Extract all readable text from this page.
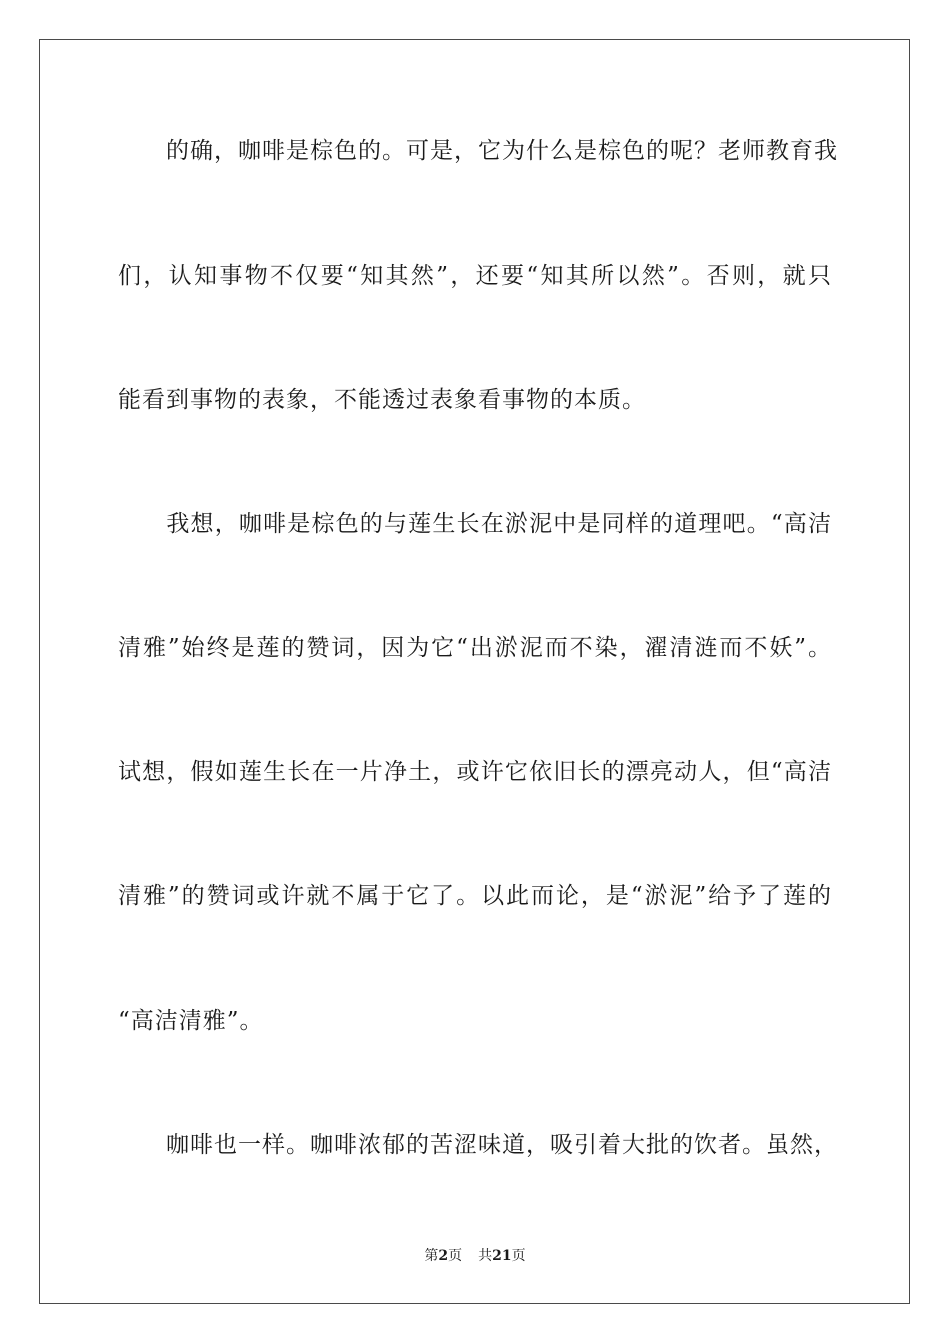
　　的确，咖啡是棕色的。可是，它为什么是棕色的呢？老师教育我
们，认知事物不仅要“知其然”，还要“知其所以然”。否则，就只
能看到事物的表象，不能透过表象看事物的本质。
　　我想，咖啡是棕色的与莲生长在淤泥中是同样的道理吧。“高洁
清雅”始终是莲的赞词，因为它“出淤泥而不染，濯清涟而不妖”。
试想，假如莲生长在一片净土，或许它依旧长的漂亮动人，但“高洁
清雅”的赞词或许就不属于它了。以此而论，是“淤泥”给予了莲的
“高洁清雅”。
　　咖啡也一样。咖啡浓郁的苦涩味道，吸引着大批的饮者。虽然，
第2页 共21页
